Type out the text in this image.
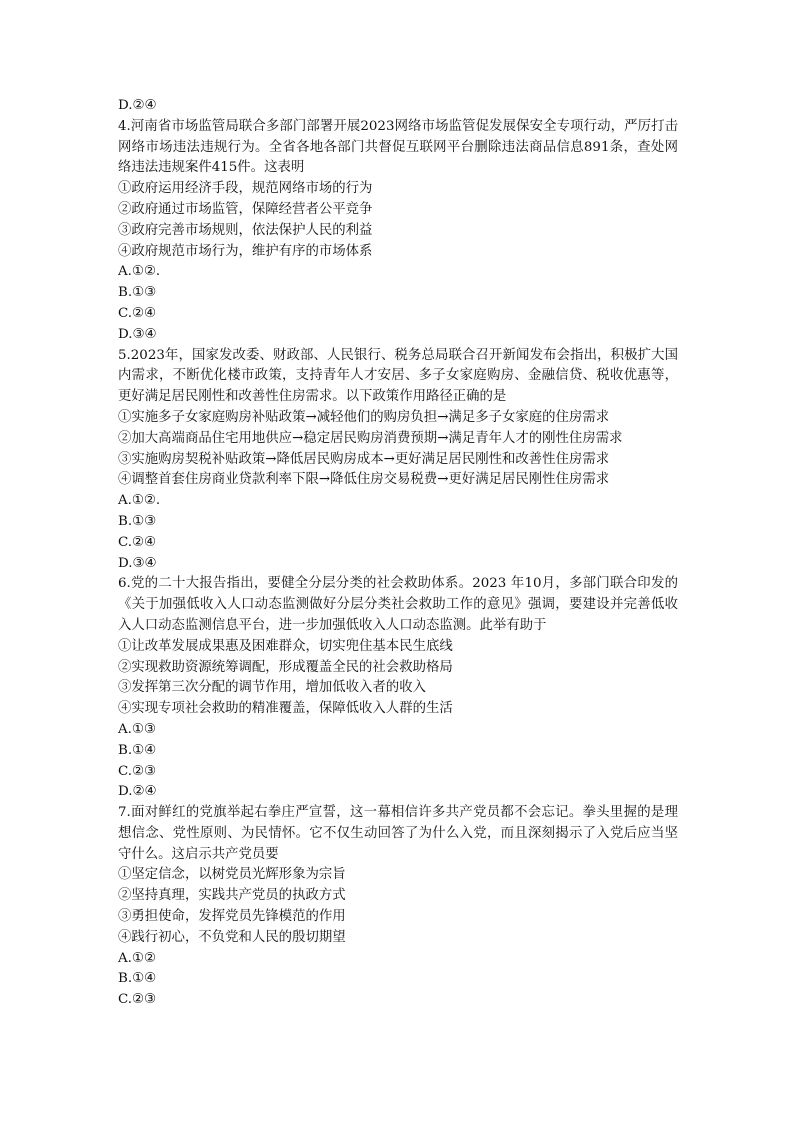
D.②④
4.河南省市场监管局联合多部门部署开展2023网络市场监管促发展保安全专项行动，严厉打击网络市场违法违规行为。全省各地各部门共督促互联网平台删除违法商品信息891条，查处网络违法违规案件415件。这表明
①政府运用经济手段，规范网络市场的行为
②政府通过市场监管，保障经营者公平竞争
③政府完善市场规则，依法保护人民的利益
④政府规范市场行为，维护有序的市场体系
A.①②.
B.①③
C.②④
D.③④
5.2023年，国家发改委、财政部、人民银行、税务总局联合召开新闻发布会指出，积极扩大国内需求，不断优化楼市政策，支持青年人才安居、多子女家庭购房、金融信贷、税收优惠等，更好满足居民刚性和改善性住房需求。以下政策作用路径正确的是
①实施多子女家庭购房补贴政策→减轻他们的购房负担→满足多子女家庭的住房需求
②加大高端商品住宅用地供应→稳定居民购房消费预期→满足青年人才的刚性住房需求
③实施购房契税补贴政策→降低居民购房成本→更好满足居民刚性和改善性住房需求
④调整首套住房商业贷款利率下限→降低住房交易税费→更好满足居民刚性住房需求
A.①②.
B.①③
C.②④
D.③④
6.党的二十大报告指出，要健全分层分类的社会救助体系。2023 年10月，多部门联合印发的《关于加强低收入人口动态监测做好分层分类社会救助工作的意见》强调，要建设并完善低收入人口动态监测信息平台，进一步加强低收入人口动态监测。此举有助于
①让改革发展成果惠及困难群众，切实兜住基本民生底线
②实现救助资源统筹调配，形成覆盖全民的社会救助格局
③发挥第三次分配的调节作用，增加低收入者的收入
④实现专项社会救助的精准覆盖，保障低收入人群的生活
A.①③
B.①④
C.②③
D.②④
7.面对鲜红的党旗举起右拳庄严宣誓，这一幕相信许多共产党员都不会忘记。拳头里握的是理想信念、党性原则、为民情怀。它不仅生动回答了为什么入党，而且深刻揭示了入党后应当坚守什么。这启示共产党员要
①坚定信念，以树党员光辉形象为宗旨
②坚持真理，实践共产党员的执政方式
③勇担使命，发挥党员先锋模范的作用
④践行初心，不负党和人民的殷切期望
A.①②
B.①④
C.②③
